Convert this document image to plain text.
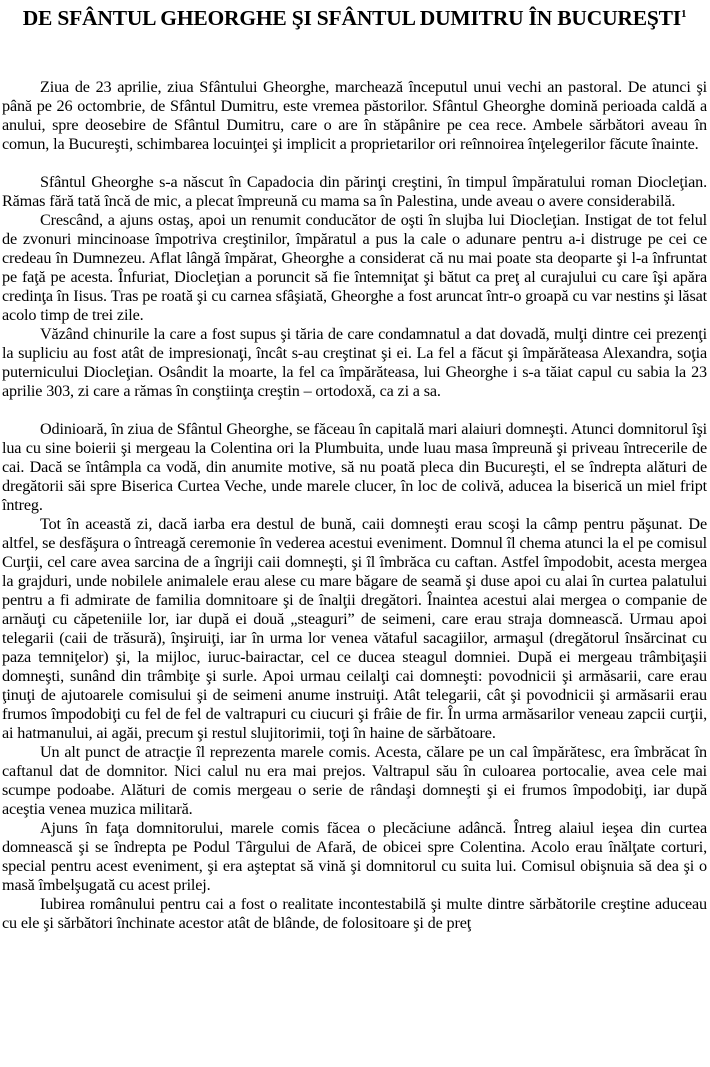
DE SFÂNTUL GHEORGHE ŞI SFÂNTUL DUMITRU ÎN BUCUREŞTI$^1$

Ziua de 23 aprilie, ziua Sfântului Gheorghe, marchează începutul unui vechi an pastoral. De atunci şi până pe 26 octombrie, de Sfântul Dumitru, este vremea păstorilor. Sfântul Gheorghe domină perioada caldă a anului, spre deosebire de Sfântul Dumitru, care o are în stăpânire pe cea rece. Ambele sărbători aveau în comun, la Bucureşti, schimbarea locuinţei şi implicit a proprietarilor ori reînnoirea înţelegerilor făcute înainte.

Sfântul Gheorghe s-a născut în Capadocia din părinţi creştini, în timpul împăratului roman Diocleţian. Rămas fără tată încă de mic, a plecat împreună cu mama sa în Palestina, unde aveau o avere considerabilă.

Crescând, a ajuns ostaş, apoi un renumit conducător de oşti în slujba lui Diocleţian. Instigat de tot felul de zvonuri mincinoase împotriva creştinilor, împăratul a pus la cale o adunare pentru a-i distruge pe cei ce credeau în Dumnezeu. Aflat lângă împărat, Gheorghe a considerat că nu mai poate sta deoparte şi l-a înfruntat pe faţă pe acesta. Înfuriat, Diocleţian a poruncit să fie întemniţat şi bătut ca preţ al curajului cu care îşi apăra credinţa în Iisus. Tras pe roată şi cu carnea sfâşiată, Gheorghe a fost aruncat într-o groapă cu var nestins şi lăsat acolo timp de trei zile.

Văzând chinurile la care a fost supus şi tăria de care condamnatul a dat dovadă, mulţi dintre cei prezenţi la supliciu au fost atât de impresionaţi, încât s-au creştinat şi ei. La fel a făcut şi împărăteasa Alexandra, soţia puternicului Diocleţian. Osândit la moarte, la fel ca împărăteasa, lui Gheorghe i s-a tăiat capul cu sabia la 23 aprilie 303, zi care a rămas în conştiinţa creştin – ortodoxă, ca zi a sa.

Odinioară, în ziua de Sfântul Gheorghe, se făceau în capitală mari alaiuri domneşti. Atunci domnitorul îşi lua cu sine boierii şi mergeau la Colentina ori la Plumbuita, unde luau masa împreună şi priveau întrecerile de cai. Dacă se întâmpla ca vodă, din anumite motive, să nu poată pleca din Bucureşti, el se îndrepta alături de dregătorii săi spre Biserica Curtea Veche, unde marele clucer, în loc de colivă, aducea la biserică un miel fript întreg.

Tot în această zi, dacă iarba era destul de bună, caii domneşti erau scoşi la câmp pentru păşunat. De altfel, se desfăşura o întreagă ceremonie în vederea acestui eveniment. Domnul îl chema atunci la el pe comisul Curţii, cel care avea sarcina de a îngriji caii domneşti, şi îl îmbrăca cu caftan. Astfel împodobit, acesta mergea la grajduri, unde nobilele animalele erau alese cu mare băgare de seamă şi duse apoi cu alai în curtea palatului pentru a fi admirate de familia domnitoare şi de înalţii dregători. Înaintea acestui alai mergea o companie de arnăuţi cu căpeteniile lor, iar după ei două „steaguri” de seimeni, care erau straja domnească. Urmau apoi telegarii (caii de trăsură), înşiruiţi, iar în urma lor venea vătaful sacagiilor, armaşul (dregătorul însărcinat cu paza temniţelor) şi, la mijloc, iuruc-bairactar, cel ce ducea steagul domniei. După ei mergeau trâmbiţaşii domneşti, sunând din trâmbiţe şi surle. Apoi urmau ceilalţi cai domneşti: povodnicii şi armăsarii, care erau ţinuţi de ajutoarele comisului şi de seimeni anume instruiţi. Atât telegarii, cât şi povodnicii şi armăsarii erau frumos împodobiţi cu fel de fel de valtrapuri cu ciucuri şi frâie de fir. În urma armăsarilor veneau zapcii curţii, ai hatmanului, ai agăi, precum şi restul slujitorimii, toţi în haine de sărbătoare.

Un alt punct de atracţie îl reprezenta marele comis. Acesta, călare pe un cal împărătesc, era îmbrăcat în caftanul dat de domnitor. Nici calul nu era mai prejos. Valtrapul său în culoarea portocalie, avea cele mai scumpe podoabe. Alături de comis mergeau o serie de rândaşi domneşti şi ei frumos împodobiţi, iar după aceştia venea muzica militară.

Ajuns în faţa domnitorului, marele comis făcea o plecăciune adâncă. Întreg alaiul ieşea din curtea domnească şi se îndrepta pe Podul Târgului de Afară, de obicei spre Colentina. Acolo erau înălţate corturi, special pentru acest eveniment, şi era aşteptat să vină şi domnitorul cu suita lui. Comisul obişnuia să dea şi o masă îmbelşugată cu acest prilej.

Iubirea românului pentru cai a fost o realitate incontestabilă şi multe dintre sărbătorile creştine aduceau cu ele şi sărbători închinate acestor atât de blânde, de folositoare şi de preţ
